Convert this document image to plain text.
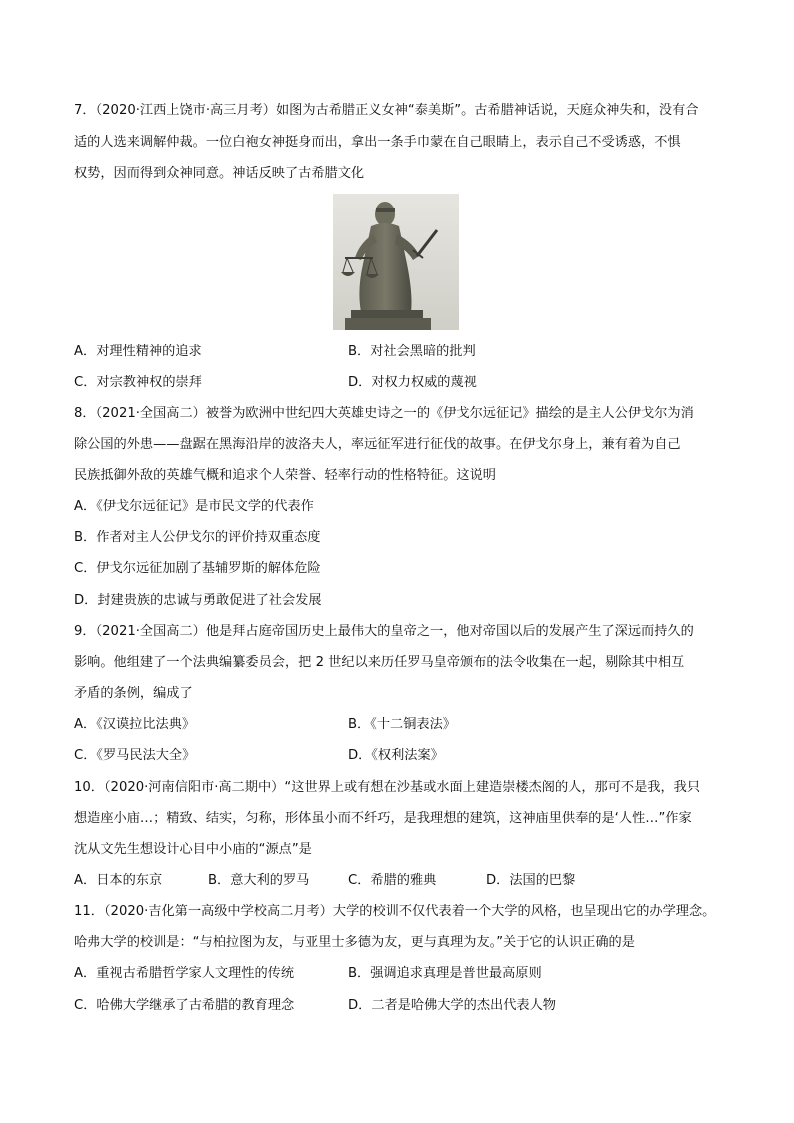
7．（2020·江西上饶市·高三月考）如图为古希腊正义女神“泰美斯”。古希腊神话说，天庭众神失和，没有合
适的人选来调解仲裁。一位白袍女神挺身而出，拿出一条手巾蒙在自己眼睛上，表示自己不受诱惑，不惧
权势，因而得到众神同意。神话反映了古希腊文化
A．对理性精神的追求	B．对社会黑暗的批判
C．对宗教神权的崇拜	D．对权力权威的蔑视
8．（2021·全国高二）被誉为欧洲中世纪四大英雄史诗之一的《伊戈尔远征记》描绘的是主人公伊戈尔为消
除公国的外患——盘踞在黑海沿岸的波洛夫人，率远征军进行征伐的故事。在伊戈尔身上，兼有着为自己
民族抵御外敌的英雄气概和追求个人荣誉、轻率行动的性格特征。这说明
A．《伊戈尔远征记》是市民文学的代表作
B．作者对主人公伊戈尔的评价持双重态度
C．伊戈尔远征加剧了基辅罗斯的解体危险
D．封建贵族的忠诚与勇敢促进了社会发展
9．（2021·全国高二）他是拜占庭帝国历史上最伟大的皇帝之一，他对帝国以后的发展产生了深远而持久的
影响。他组建了一个法典编纂委员会，把 2 世纪以来历任罗马皇帝颁布的法令收集在一起，剔除其中相互
矛盾的条例，编成了
A．《汉谟拉比法典》	B．《十二铜表法》
C．《罗马民法大全》	D．《权利法案》
10．（2020·河南信阳市·高二期中）“这世界上或有想在沙基或水面上建造崇楼杰阁的人，那可不是我，我只
想造座小庙…；精致、结实，匀称，形体虽小而不纤巧，是我理想的建筑，这神庙里供奉的是‘人性…”作家
沈从文先生想设计心目中小庙的“源点”是
A．日本的东京	B．意大利的罗马	C．希腊的雅典	D．法国的巴黎
11．（2020·吉化第一高级中学校高二月考）大学的校训不仅代表着一个大学的风格，也呈现出它的办学理念。
哈弗大学的校训是：“与柏拉图为友，与亚里士多德为友，更与真理为友。”关于它的认识正确的是
A．重视古希腊哲学家人文理性的传统	B．强调追求真理是普世最高原则
C．哈佛大学继承了古希腊的教育理念	D．二者是哈佛大学的杰出代表人物
